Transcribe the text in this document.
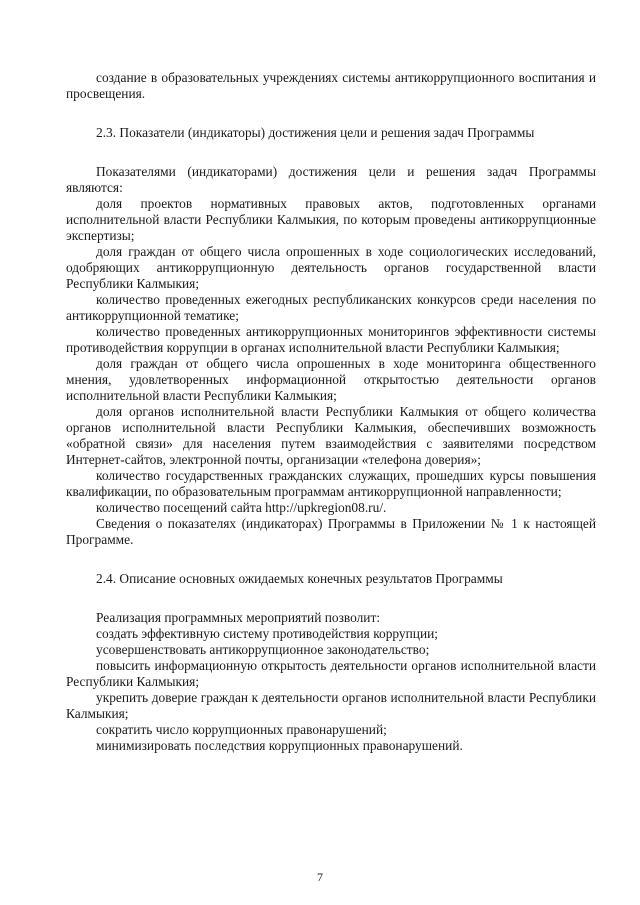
создание в образовательных учреждениях системы антикоррупционного воспитания и просвещения.

2.3. Показатели (индикаторы) достижения цели и решения задач Программы

Показателями (индикаторами) достижения цели и решения задач Программы являются:

доля проектов нормативных правовых актов, подготовленных органами исполнительной власти Республики Калмыкия, по которым проведены антикоррупционные экспертизы;

доля граждан от общего числа опрошенных в ходе социологических исследований, одобряющих антикоррупционную деятельность органов государственной власти Республики Калмыкия;

количество проведенных ежегодных республиканских конкурсов среди населения по антикоррупционной тематике;

количество проведенных антикоррупционных мониторингов эффективности системы противодействия коррупции в органах исполнительной власти Республики Калмыкия;

доля граждан от общего числа опрошенных в ходе мониторинга общественного мнения, удовлетворенных информационной открытостью деятельности органов исполнительной власти Республики Калмыкия;

доля органов исполнительной власти Республики Калмыкия от общего количества органов исполнительной власти Республики Калмыкия, обеспечивших возможность «обратной связи» для населения путем взаимодействия с заявителями посредством Интернет-сайтов, электронной почты, организации «телефона доверия»;

количество государственных гражданских служащих, прошедших курсы повышения квалификации, по образовательным программам антикоррупционной направленности;

количество посещений сайта http://upkregion08.ru/.

Сведения о показателях (индикаторах) Программы в Приложении № 1 к настоящей Программе.

2.4. Описание основных ожидаемых конечных результатов Программы

Реализация программных мероприятий позволит:

создать эффективную систему противодействия коррупции;

усовершенствовать антикоррупционное законодательство;

повысить информационную открытость деятельности органов исполнительной власти Республики Калмыкия;

укрепить доверие граждан к деятельности органов исполнительной власти Республики Калмыкия;

сократить число коррупционных правонарушений;

минимизировать последствия коррупционных правонарушений.

7
